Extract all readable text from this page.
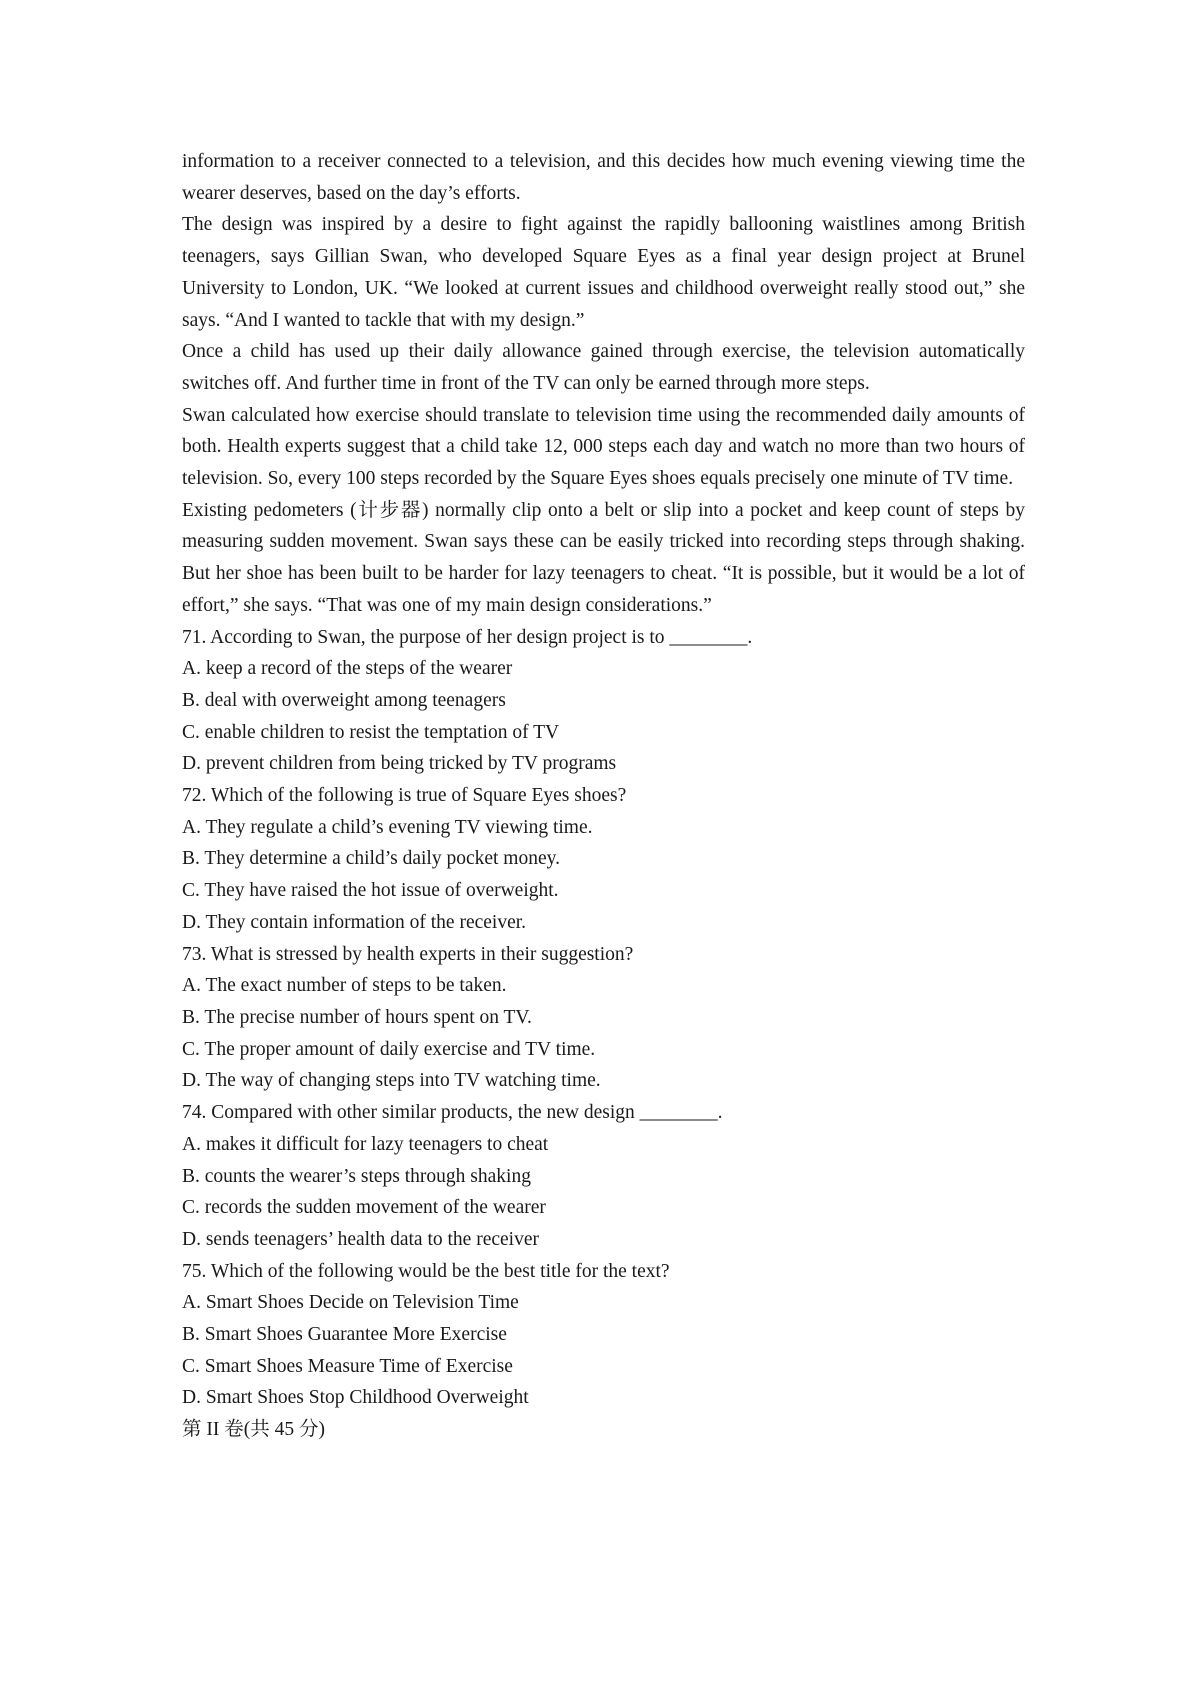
information to a receiver connected to a television, and this decides how much evening viewing time the wearer deserves, based on the day’s efforts.

The design was inspired by a desire to fight against the rapidly ballooning waistlines among British teenagers, says Gillian Swan, who developed Square Eyes as a final year design project at Brunel University to London, UK. “We looked at current issues and childhood overweight really stood out,” she says. “And I wanted to tackle that with my design.”

Once a child has used up their daily allowance gained through exercise, the television automatically switches off. And further time in front of the TV can only be earned through more steps.

Swan calculated how exercise should translate to television time using the recommended daily amounts of both. Health experts suggest that a child take 12, 000 steps each day and watch no more than two hours of television. So, every 100 steps recorded by the Square Eyes shoes equals precisely one minute of TV time.

Existing pedometers (计步器) normally clip onto a belt or slip into a pocket and keep count of steps by measuring sudden movement. Swan says these can be easily tricked into recording steps through shaking. But her shoe has been built to be harder for lazy teenagers to cheat. “It is possible, but it would be a lot of effort,” she says. “That was one of my main design considerations.”

71. According to Swan, the purpose of her design project is to ________.

A. keep a record of the steps of the wearer

B. deal with overweight among teenagers

C. enable children to resist the temptation of TV

D. prevent children from being tricked by TV programs

72. Which of the following is true of Square Eyes shoes?

A. They regulate a child’s evening TV viewing time.

B. They determine a child’s daily pocket money.

C. They have raised the hot issue of overweight.

D. They contain information of the receiver.

73. What is stressed by health experts in their suggestion?

A. The exact number of steps to be taken.

B. The precise number of hours spent on TV.

C. The proper amount of daily exercise and TV time.

D. The way of changing steps into TV watching time.

74. Compared with other similar products, the new design ________.

A. makes it difficult for lazy teenagers to cheat

B. counts the wearer’s steps through shaking

C. records the sudden movement of the wearer

D. sends teenagers’ health data to the receiver

75. Which of the following would be the best title for the text?

A. Smart Shoes Decide on Television Time

B. Smart Shoes Guarantee More Exercise

C. Smart Shoes Measure Time of Exercise

D. Smart Shoes Stop Childhood Overweight

第 II 卷(共 45 分)
